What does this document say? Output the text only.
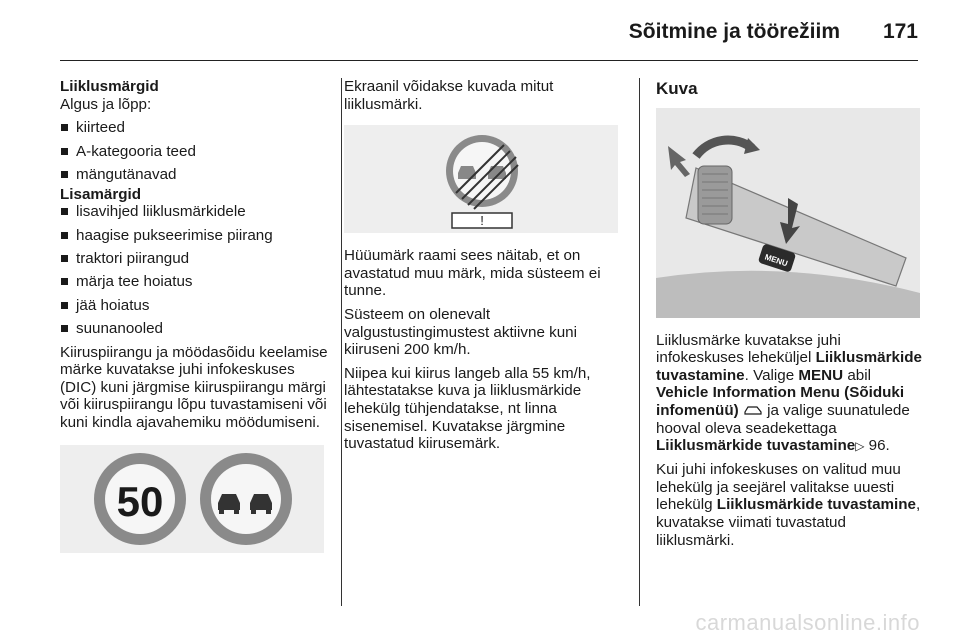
Sõitmine ja töörežiim 171
Liiklusmärgid
Algus ja lõpp:
kiirteed
A-kategooria teed
mängutänavad
Lisamärgid
lisavihjed liiklusmärkidele
haagise pukseerimise piirang
traktori piirangud
märja tee hoiatus
jää hoiatus
suunanooled

Kiiruspiirangu ja möödasõidu keelamise märke kuvatakse juhi infokeskuses (DIC) kuni järgmise kiiruspiirangu märgi või kiiruspiirangu lõpu tuvastamiseni või kuni kindla ajavahemiku möödumiseni.

50

Ekraanil võidakse kuvada mitut liiklusmärki.

!

Hüüumärk raami sees näitab, et on avastatud muu märk, mida süsteem ei tunne.

Süsteem on olenevalt valgustustingimustest aktiivne kuni kiiruseni 200 km/h.

Niipea kui kiirus langeb alla 55 km/h, lähtestatakse kuva ja liiklusmärkide lehekülg tühjendatakse, nt linna sisenemisel. Kuvatakse järgmine tuvastatud kiirusemärk.

Kuva
MENU

Liiklusmärke kuvatakse juhi infokeskuses leheküljel Liiklusmärkide tuvastamine. Valige MENU abil Vehicle Information Menu (Sõiduki infomenüü)  ja valige suunatulede hooval oleva seadekettaga Liiklusmärkide tuvastamine▷ 96.

Kui juhi infokeskuses on valitud muu lehekülg ja seejärel valitakse uuesti lehekülg Liiklusmärkide tuvastamine, kuvatakse viimati tuvastatud liiklusmärki.

carmanualsonline.info
